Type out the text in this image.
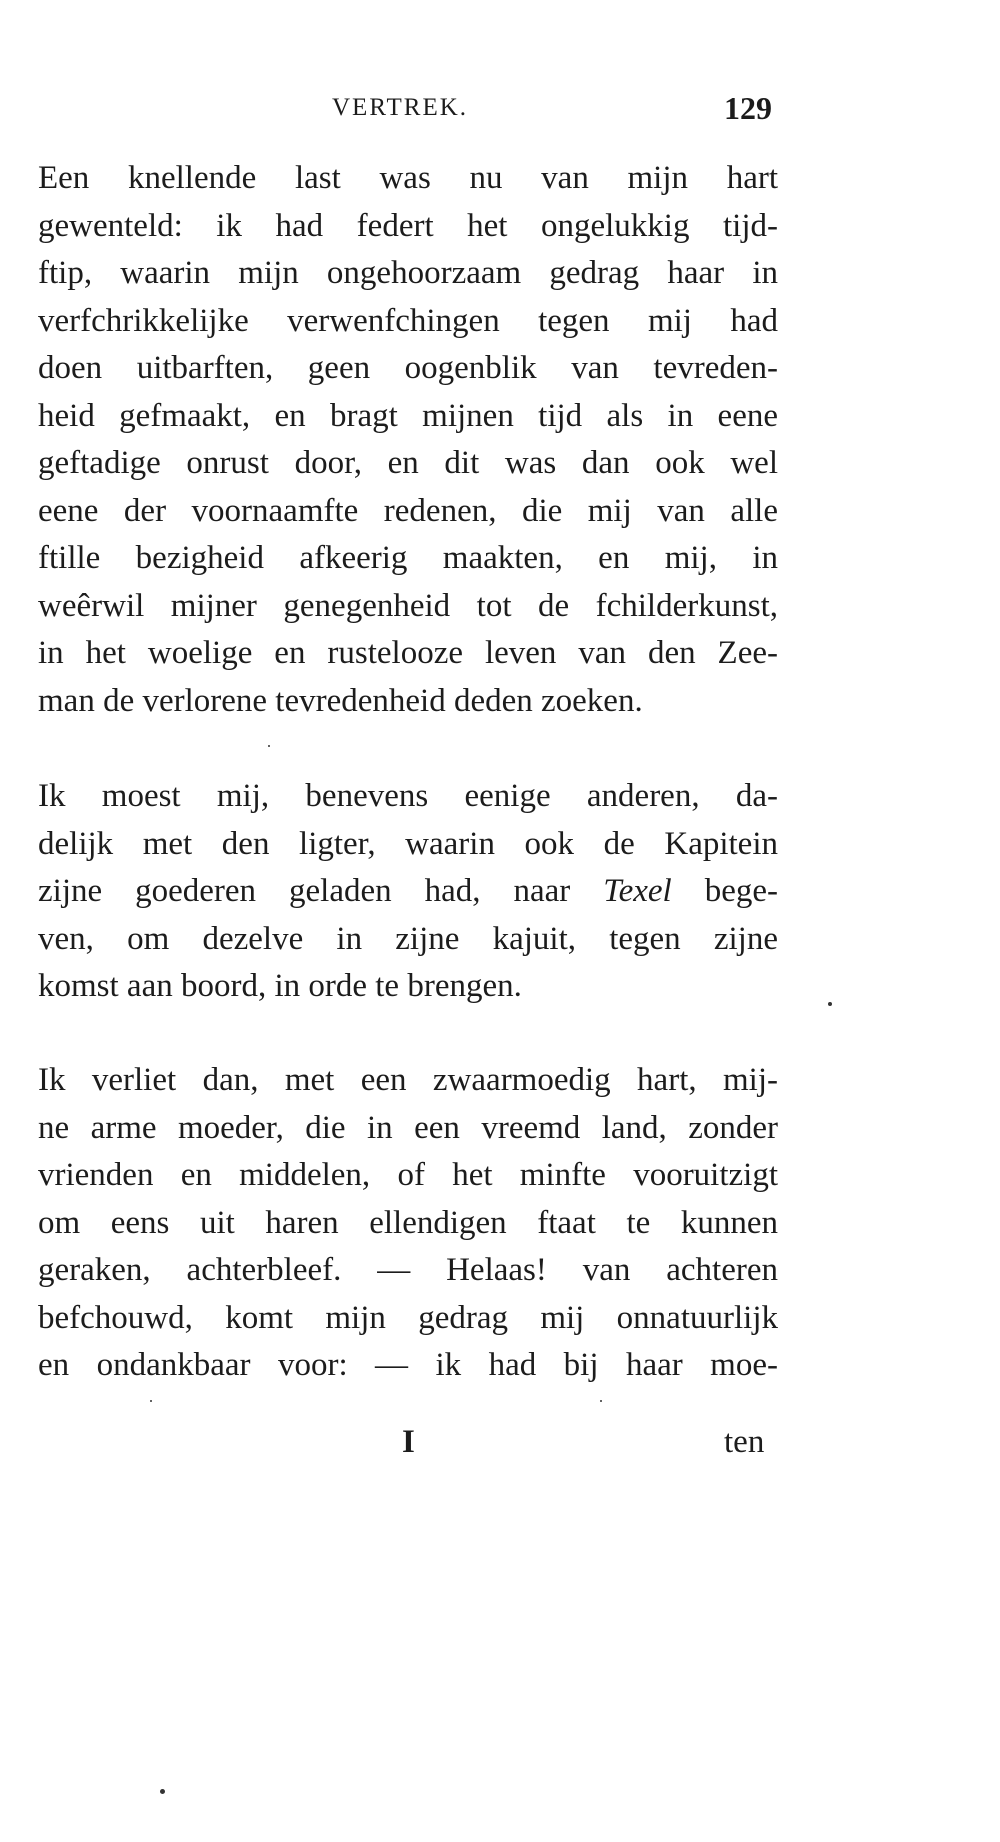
VERTREK.	129
Een knellende last was nu van mijn hart
gewenteld: ik had federt het ongelukkig tijd-
ftip, waarin mijn ongehoorzaam gedrag haar in
verfchrikkelijke verwenfchingen tegen mij had
doen uitbarften, geen oogenblik van tevreden-
heid gefmaakt, en bragt mijnen tijd als in eene
geftadige onrust door, en dit was dan ook wel
eene der voornaamfte redenen, die mij van alle
ftille bezigheid afkeerig maakten, en mij, in
weêrwil mijner genegenheid tot de fchilderkunst,
in het woelige en rustelooze leven van den Zee-
man de verlorene tevredenheid deden zoeken.
Ik moest mij, benevens eenige anderen, da-
delijk met den ligter, waarin ook de Kapitein
zijne goederen geladen had, naar Texel bege-
ven, om dezelve in zijne kajuit, tegen zijne
komst aan boord, in orde te brengen.
Ik verliet dan, met een zwaarmoedig hart, mij-
ne arme moeder, die in een vreemd land, zonder
vrienden en middelen, of het minfte vooruitzigt
om eens uit haren ellendigen ftaat te kunnen
geraken, achterbleef. — Helaas! van achteren
befchouwd, komt mijn gedrag mij onnatuurlijk
en ondankbaar voor: — ik had bij haar moe-
I	ten
